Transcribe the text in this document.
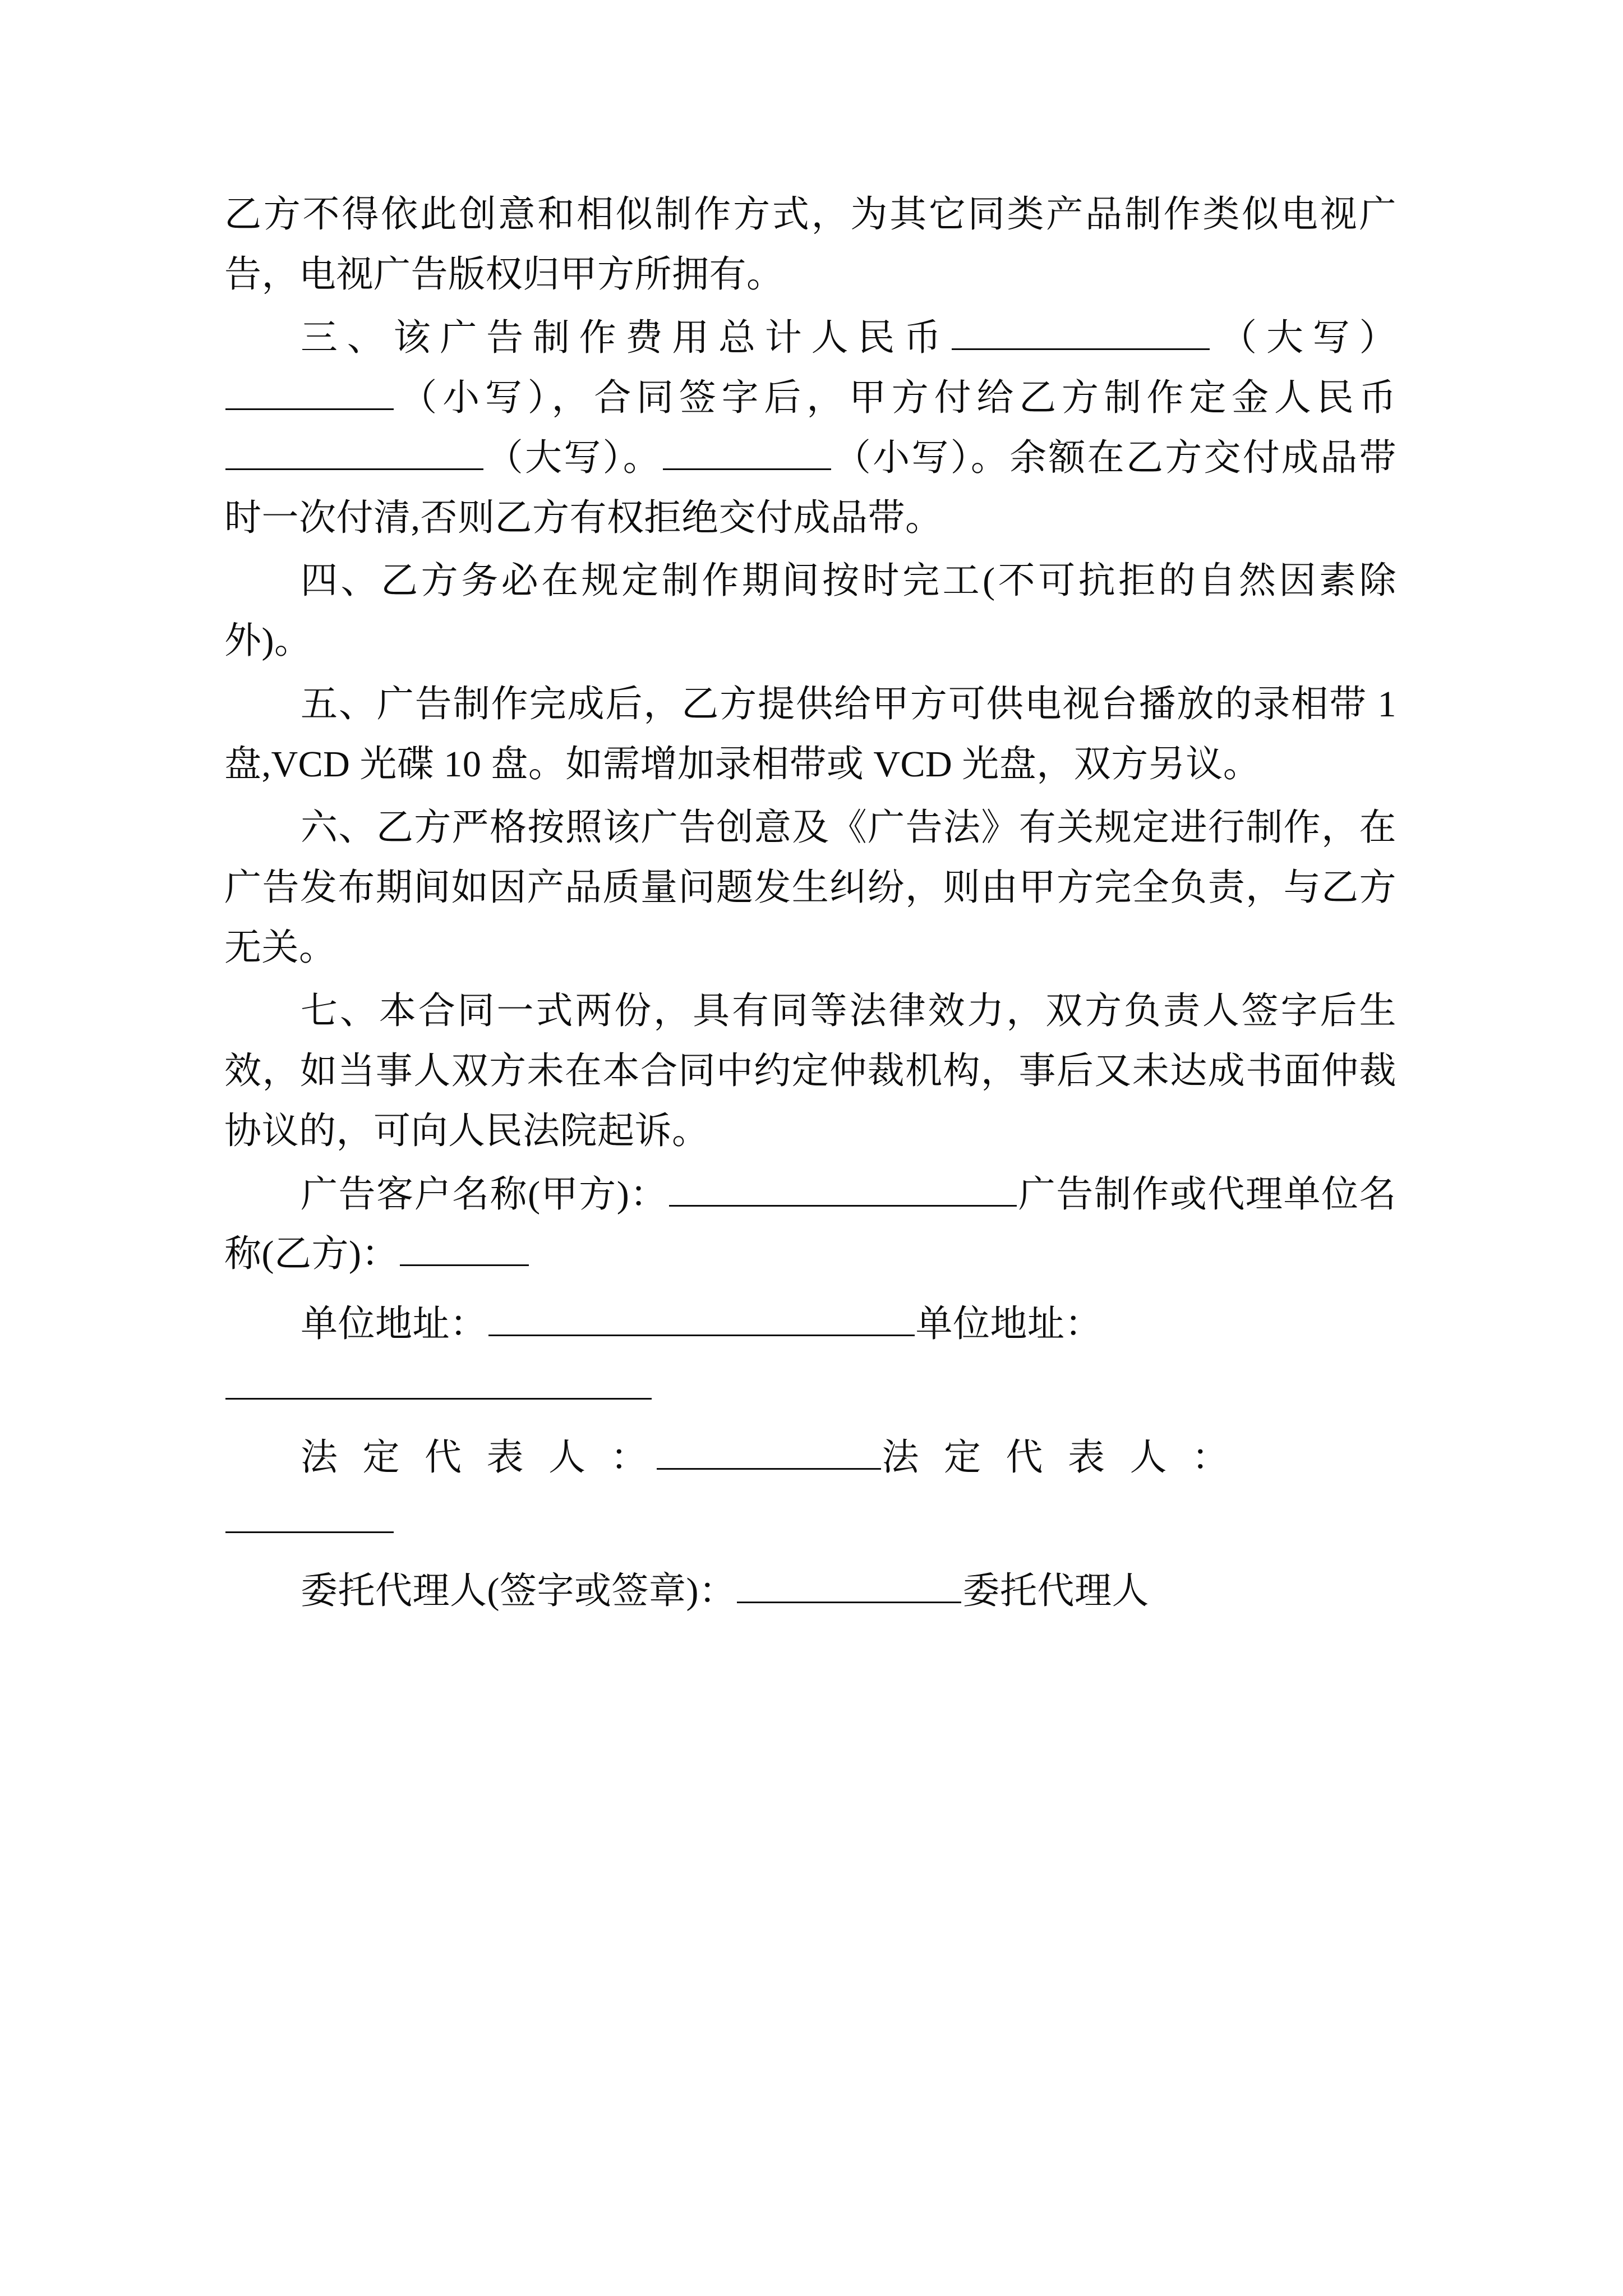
乙方不得依此创意和相似制作方式，为其它同类产品制作类似电视广告，电视广告版权归甲方所拥有。

三、该广告制作费用总计人民币	（大写）（小写），合同签字后，甲方付给乙方制作定金人民币（大写）。	（小写）。余额在乙方交付成品带时一次付清,否则乙方有权拒绝交付成品带。

四、乙方务必在规定制作期间按时完工(不可抗拒的自然因素除外)。

五、广告制作完成后，乙方提供给甲方可供电视台播放的录相带 1 盘,VCD 光碟 10 盘。如需增加录相带或 VCD 光盘，双方另议。

六、乙方严格按照该广告创意及《广告法》有关规定进行制作，在广告发布期间如因产品质量问题发生纠纷，则由甲方完全负责，与乙方无关。

七、本合同一式两份，具有同等法律效力，双方负责人签字后生效，如当事人双方未在本合同中约定仲裁机构，事后又未达成书面仲裁协议的，可向人民法院起诉。

广告客户名称(甲方)：	广告制作或代理单位名称(乙方)：

单位地址：	单位地址：

法 定 代 表 人 ：	法 定 代 表 人 ：

委托代理人(签字或签章)：	委托代理人
